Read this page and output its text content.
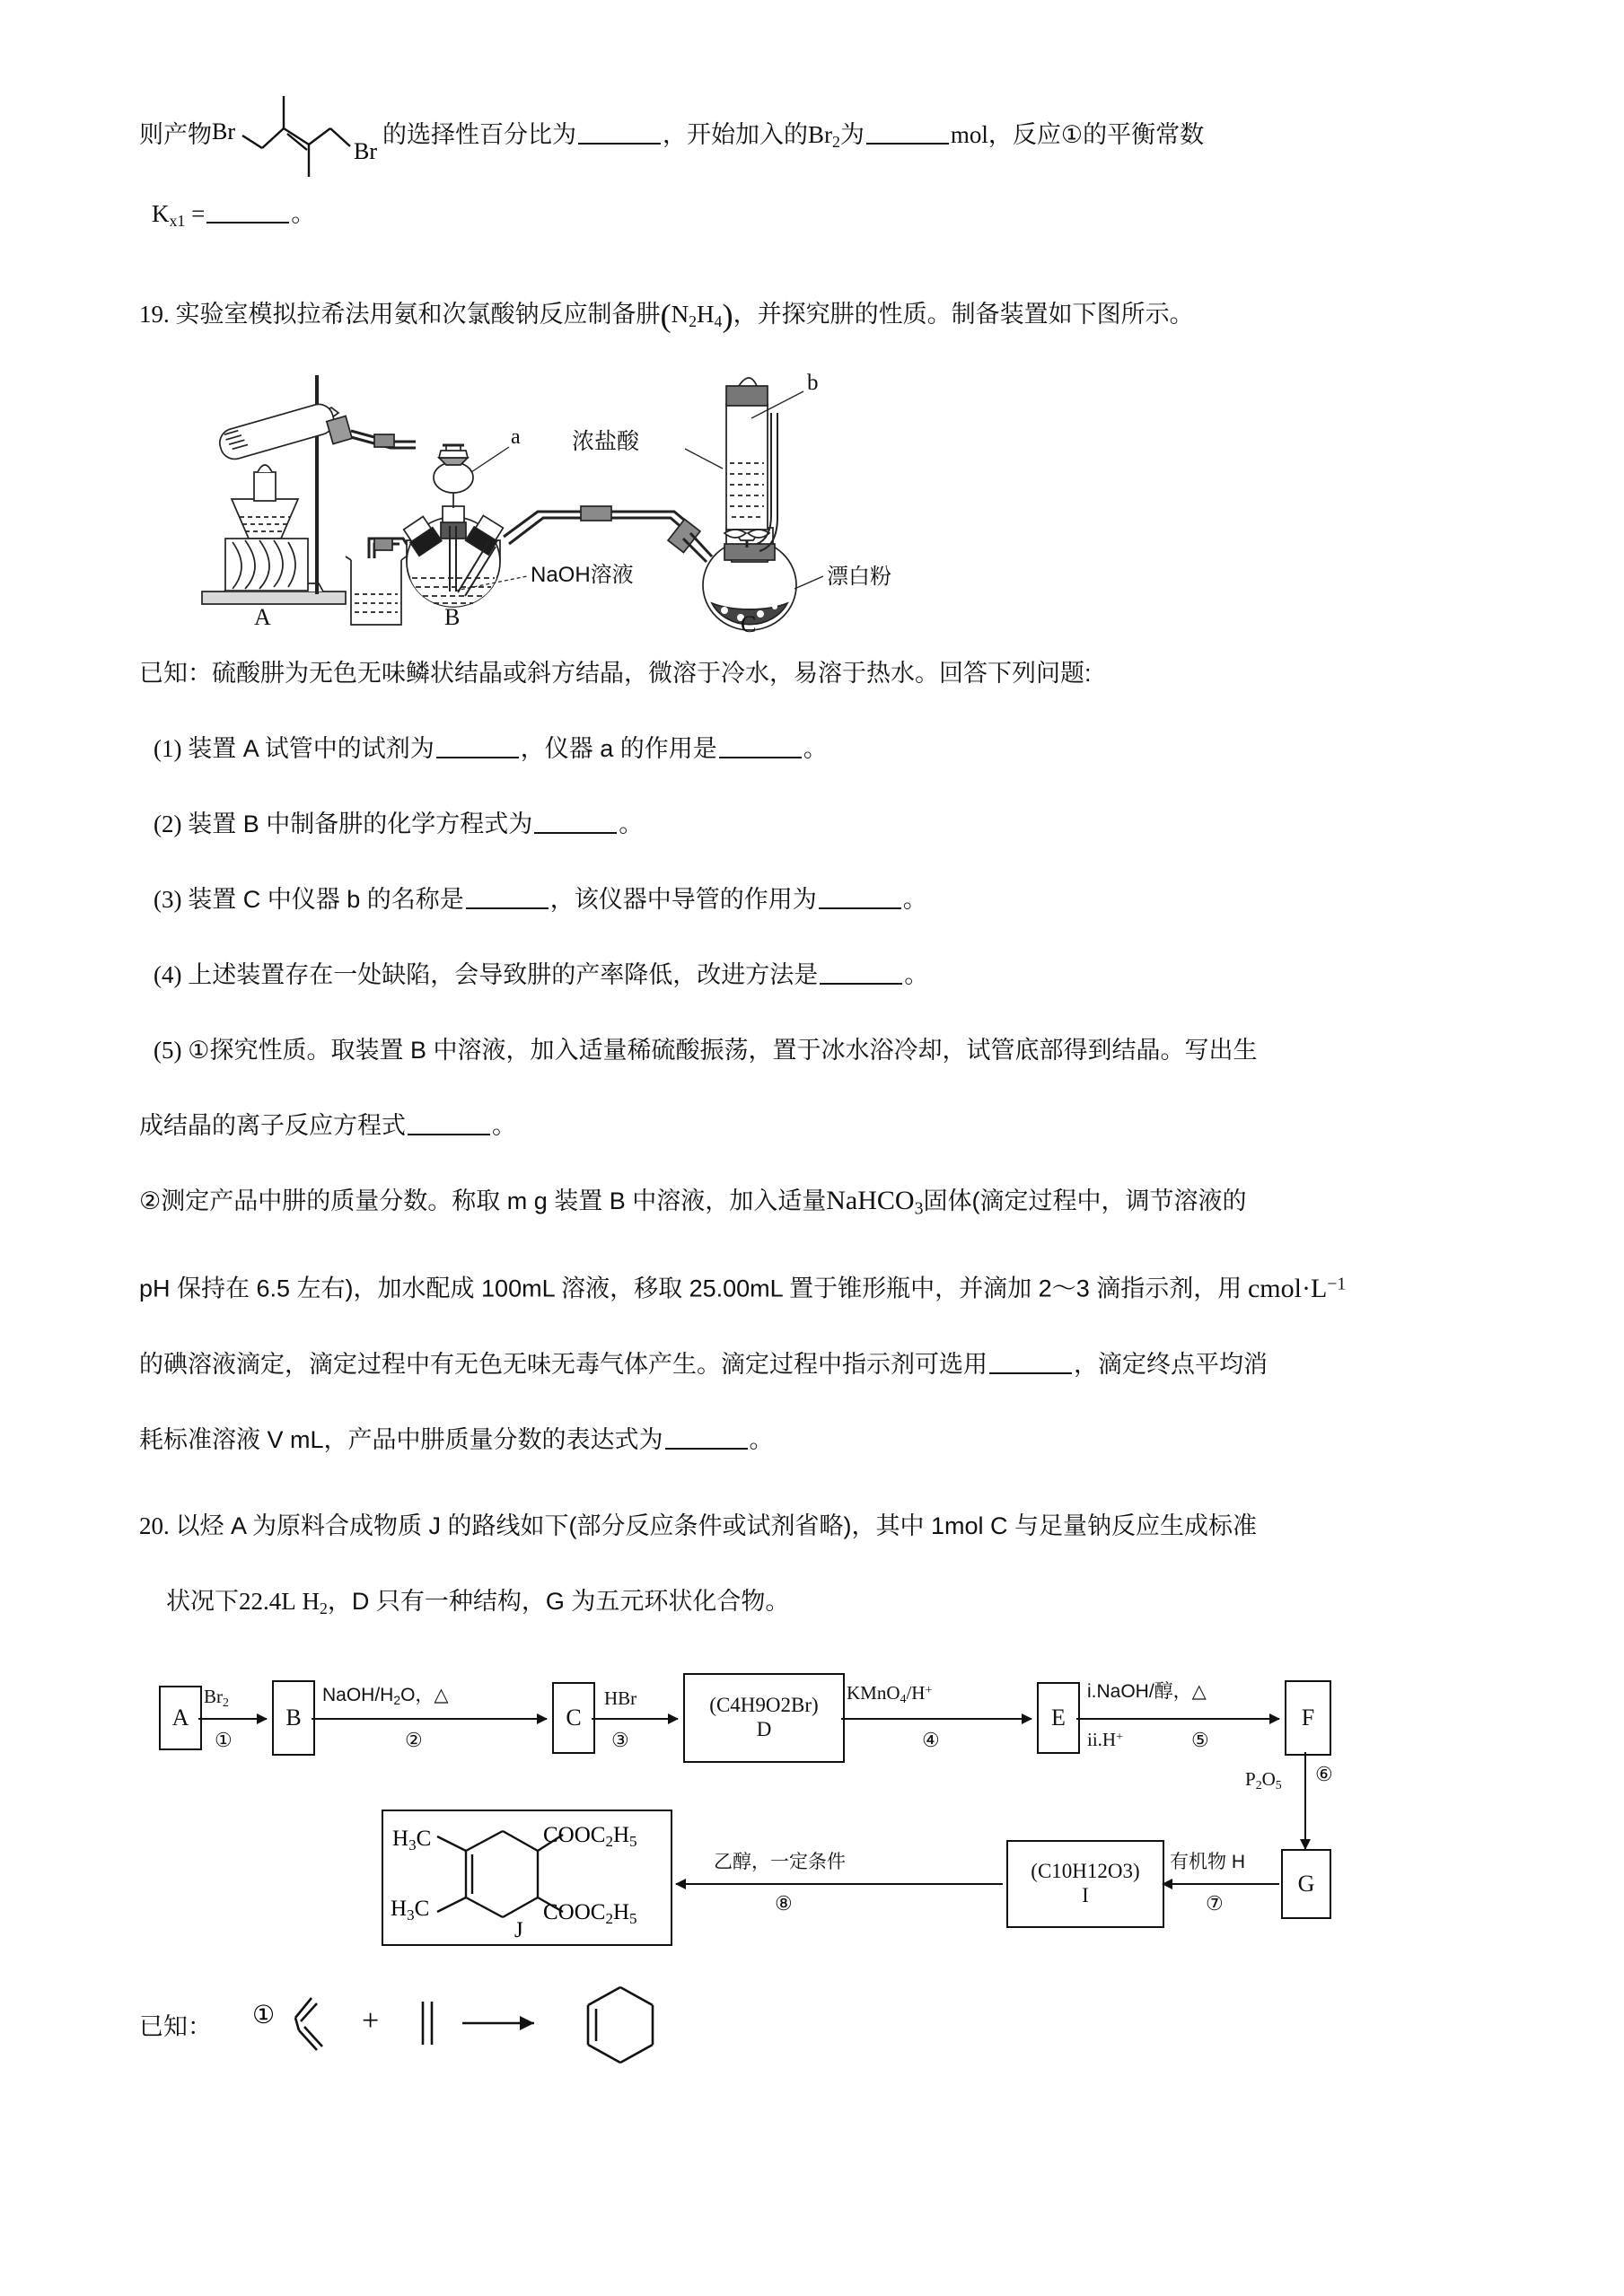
则产物 Br
Br
的选择性百分比为	，开始加入的$Br_2$为	mol，反应①的平衡常数
$K_{x1}$ =	。
19. 实验室模拟拉希法用氨和次氯酸钠反应制备肼$(N_2H_4)$，并探究肼的性质。制备装置如下图所示。
A
a
NaOH溶液
B
漂白粉
C
b
浓盐酸
已知：硫酸肼为无色无味鳞状结晶或斜方结晶，微溶于冷水，易溶于热水。回答下列问题:
(1) 装置 A 试管中的试剂为	，仪器 a 的作用是	。
(2) 装置 B 中制备肼的化学方程式为	。
(3) 装置 C 中仪器 b 的名称是	，该仪器中导管的作用为	。
(4) 上述装置存在一处缺陷，会导致肼的产率降低，改进方法是	。
(5) ①探究性质。取装置 B 中溶液，加入适量稀硫酸振荡，置于冰水浴冷却，试管底部得到结晶。写出生
成结晶的离子反应方程式	。
②测定产品中肼的质量分数。称取 m g 装置 B 中溶液，加入适量NaHCO$_3$固体(滴定过程中，调节溶液的
pH 保持在 6.5 左右)，加水配成 100mL 溶液，移取 25.00mL 置于锥形瓶中，并滴加 2～3 滴指示剂，用 $cmol\cdot L^{-1}$
的碘溶液滴定，滴定过程中有无色无味无毒气体产生。滴定过程中指示剂可选用	，滴定终点平均消
耗标准溶液 V mL，产品中肼质量分数的表达式为	。
20. 以烃 A 为原料合成物质 J 的路线如下(部分反应条件或试剂省略)，其中 1mol C 与足量钠反应生成标准
状况下22.4L $H_2$，D 只有一种结构，G 为五元环状化合物。
A	B	C	(C4H9O2Br)
D	E	F
$Br_2$
①
NaOH/$H_2O$，△
②
HBr
③
KMnO$_4$/H+
④
i.NaOH/醇，△
ii.H+	⑤
$P_2O_5$ ⑥
G
(C10H12O3)
I
有机物 H
⑦
乙醇，一定条件
⑧
$H_3C$
$H_3C$
$COOC_2H_5$
$COOC_2H_5$
J
已知： ①	+
